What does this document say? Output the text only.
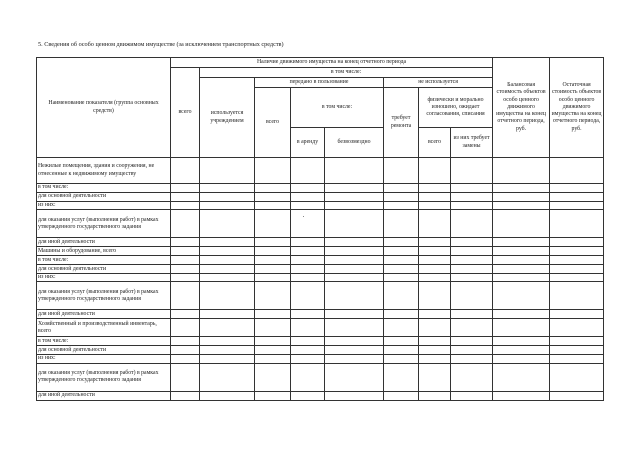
5. Сведения об особо ценном движимом имуществе (за исключением транспортных средств)
Наименование показателя (группа основных средств)	Наличие движимого имущества на конец отчетного периода								Балансовая стоимость объектов особо ценного движимого имущества на конец отчетного периода, руб.	Остаточная стоимость объектов особо ценного движимого имущества на конец отчетного периода, руб.
	всего	в том числе:								
		используется учреждением	передано в пользование			не используется				
			всего	в том числе:		требует ремонта	физически и морально изношено, ожидает согласования, списания			
				в аренду	безвозмездно		всего	из них требует замены		
Нежилые помещения, здания и сооружения, не отнесенные к недвижимому имуществу										
в том числе:										
для основной деятельности										
из них:										
для оказания услуг (выполнения работ) в рамках утвержденного государственного задания										
для иной деятельности										
Машины и оборудование, всего										
в том числе:										
для основной деятельности										
из них:										
для оказания услуг (выполнения работ) в рамках утвержденного государственного задания										
для иной деятельности										
Хозяйственный и производственный инвентарь, всего										
в том числе:										
для основной деятельности										
из них:										
для оказания услуг (выполнения работ) в рамках утвержденного государственного задания										
для иной деятельности										
